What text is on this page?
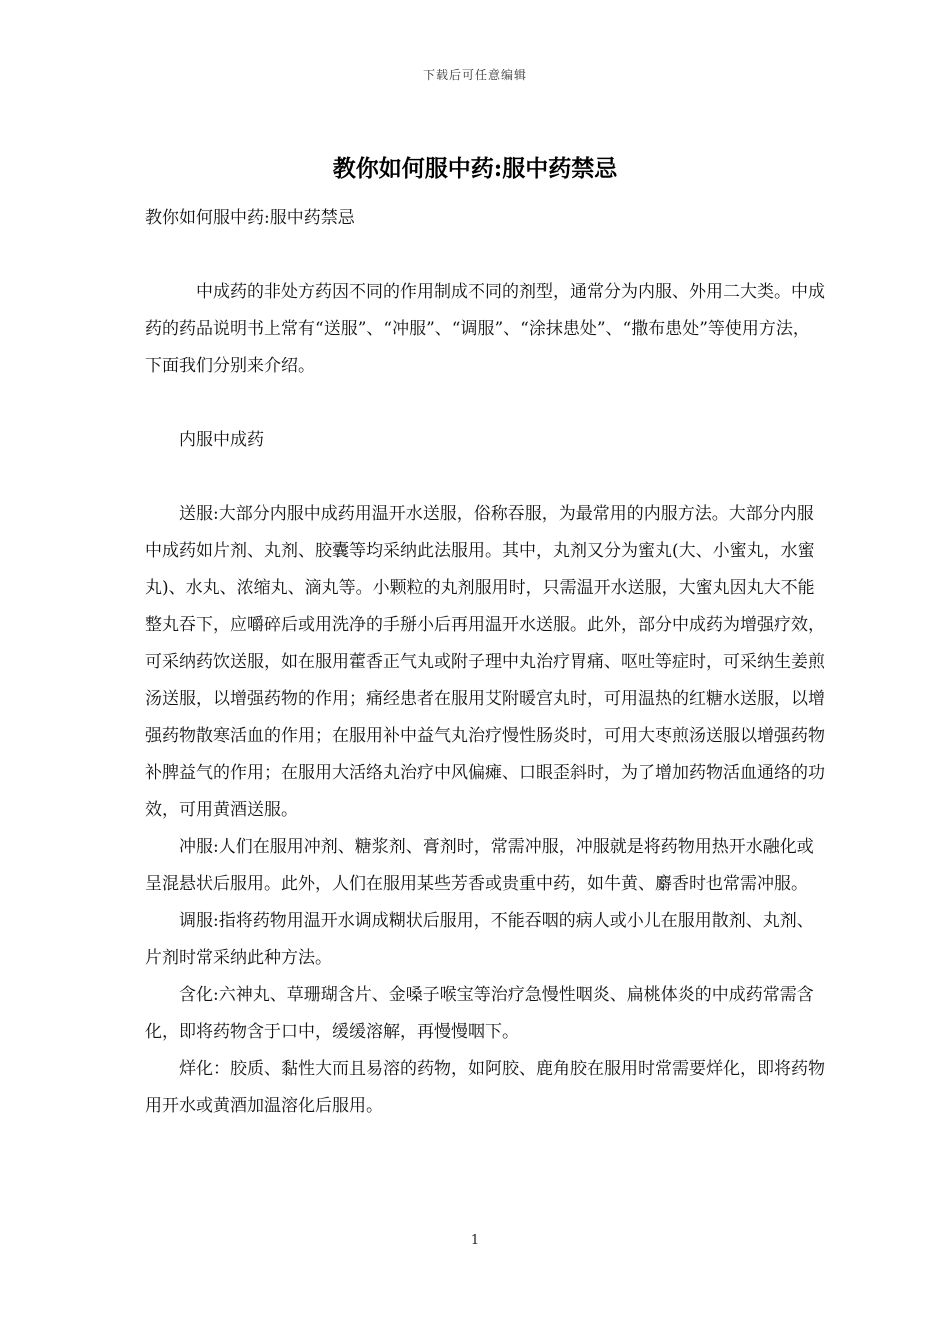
下载后可任意编辑
教你如何服中药:服中药禁忌

教你如何服中药:服中药禁忌

中成药的非处方药因不同的作用制成不同的剂型，通常分为内服、外用二大类。中成药的药品说明书上常有“送服”、“冲服”、“调服”、“涂抹患处”、“撒布患处”等使用方法，下面我们分别来介绍。

内服中成药

送服:大部分内服中成药用温开水送服，俗称吞服，为最常用的内服方法。大部分内服中成药如片剂、丸剂、胶囊等均采纳此法服用。其中，丸剂又分为蜜丸(大、小蜜丸，水蜜丸)、水丸、浓缩丸、滴丸等。小颗粒的丸剂服用时，只需温开水送服，大蜜丸因丸大不能整丸吞下，应嚼碎后或用洗净的手掰小后再用温开水送服。此外，部分中成药为增强疗效，可采纳药饮送服，如在服用藿香正气丸或附子理中丸治疗胃痛、呕吐等症时，可采纳生姜煎汤送服，以增强药物的作用；痛经患者在服用艾附暖宫丸时，可用温热的红糖水送服，以增强药物散寒活血的作用；在服用补中益气丸治疗慢性肠炎时，可用大枣煎汤送服以增强药物补脾益气的作用；在服用大活络丸治疗中风偏瘫、口眼歪斜时，为了增加药物活血通络的功效，可用黄酒送服。

冲服:人们在服用冲剂、糖浆剂、膏剂时，常需冲服，冲服就是将药物用热开水融化或呈混悬状后服用。此外，人们在服用某些芳香或贵重中药，如牛黄、麝香时也常需冲服。

调服:指将药物用温开水调成糊状后服用，不能吞咽的病人或小儿在服用散剂、丸剂、片剂时常采纳此种方法。

含化:六神丸、草珊瑚含片、金嗓子喉宝等治疗急慢性咽炎、扁桃体炎的中成药常需含化，即将药物含于口中，缓缓溶解，再慢慢咽下。

烊化：胶质、黏性大而且易溶的药物，如阿胶、鹿角胶在服用时常需要烊化，即将药物用开水或黄酒加温溶化后服用。

1
